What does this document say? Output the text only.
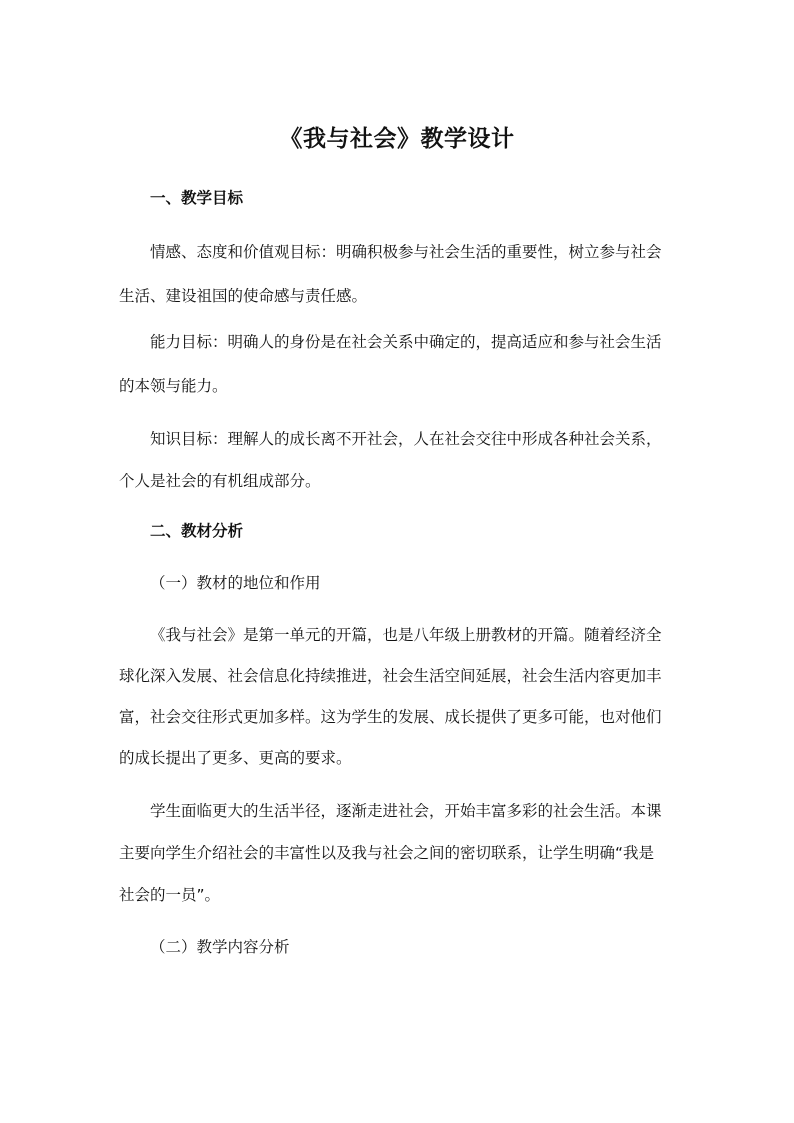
《我与社会》教学设计
一、教学目标
情感、态度和价值观目标：明确积极参与社会生活的重要性，树立参与社会
生活、建设祖国的使命感与责任感。
能力目标：明确人的身份是在社会关系中确定的，提高适应和参与社会生活
的本领与能力。
知识目标：理解人的成长离不开社会，人在社会交往中形成各种社会关系，
个人是社会的有机组成部分。
二、教材分析
（一）教材的地位和作用
《我与社会》是第一单元的开篇，也是八年级上册教材的开篇。随着经济全
球化深入发展、社会信息化持续推进，社会生活空间延展，社会生活内容更加丰
富，社会交往形式更加多样。这为学生的发展、成长提供了更多可能，也对他们
的成长提出了更多、更高的要求。
学生面临更大的生活半径，逐渐走进社会，开始丰富多彩的社会生活。本课
主要向学生介绍社会的丰富性以及我与社会之间的密切联系，让学生明确“我是
社会的一员”。
（二）教学内容分析
